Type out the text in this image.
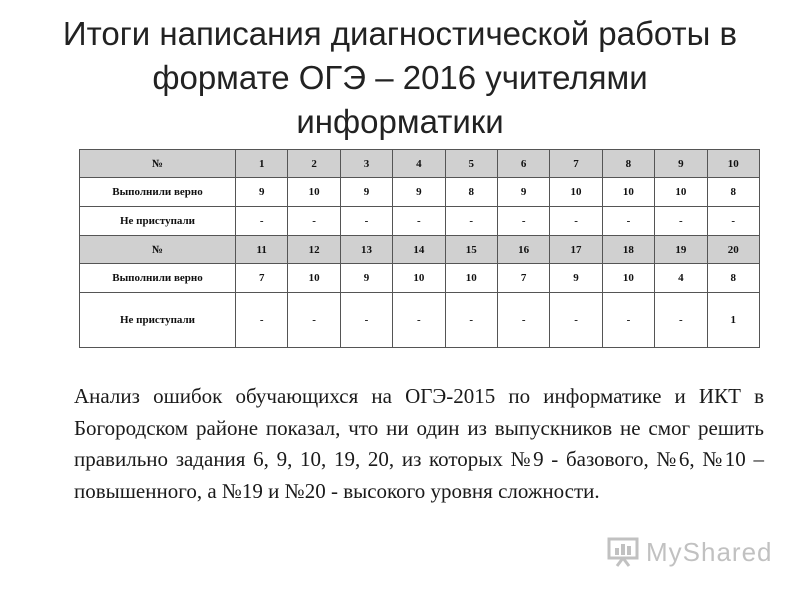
Итоги написания диагностической работы в
формате ОГЭ – 2016 учителями
информатики
№	1	2	3	4	5	6	7	8	9	10
Выполнили верно	9	10	9	9	8	9	10	10	10	8
Не приступали	-	-	-	-	-	-	-	-	-	-
№	11	12	13	14	15	16	17	18	19	20
Выполнили верно	7	10	9	10	10	7	9	10	4	8
Не приступали	-	-	-	-	-	-	-	-	-	1

Анализ ошибок обучающихся на ОГЭ-2015 по информатике и ИКТ в Богородском районе показал, что ни один из выпускников не смог решить правильно задания 6, 9, 10, 19, 20, из которых №9 - базового, №6, №10 – повышенного, а №19 и №20 - высокого уровня сложности.

MyShared
